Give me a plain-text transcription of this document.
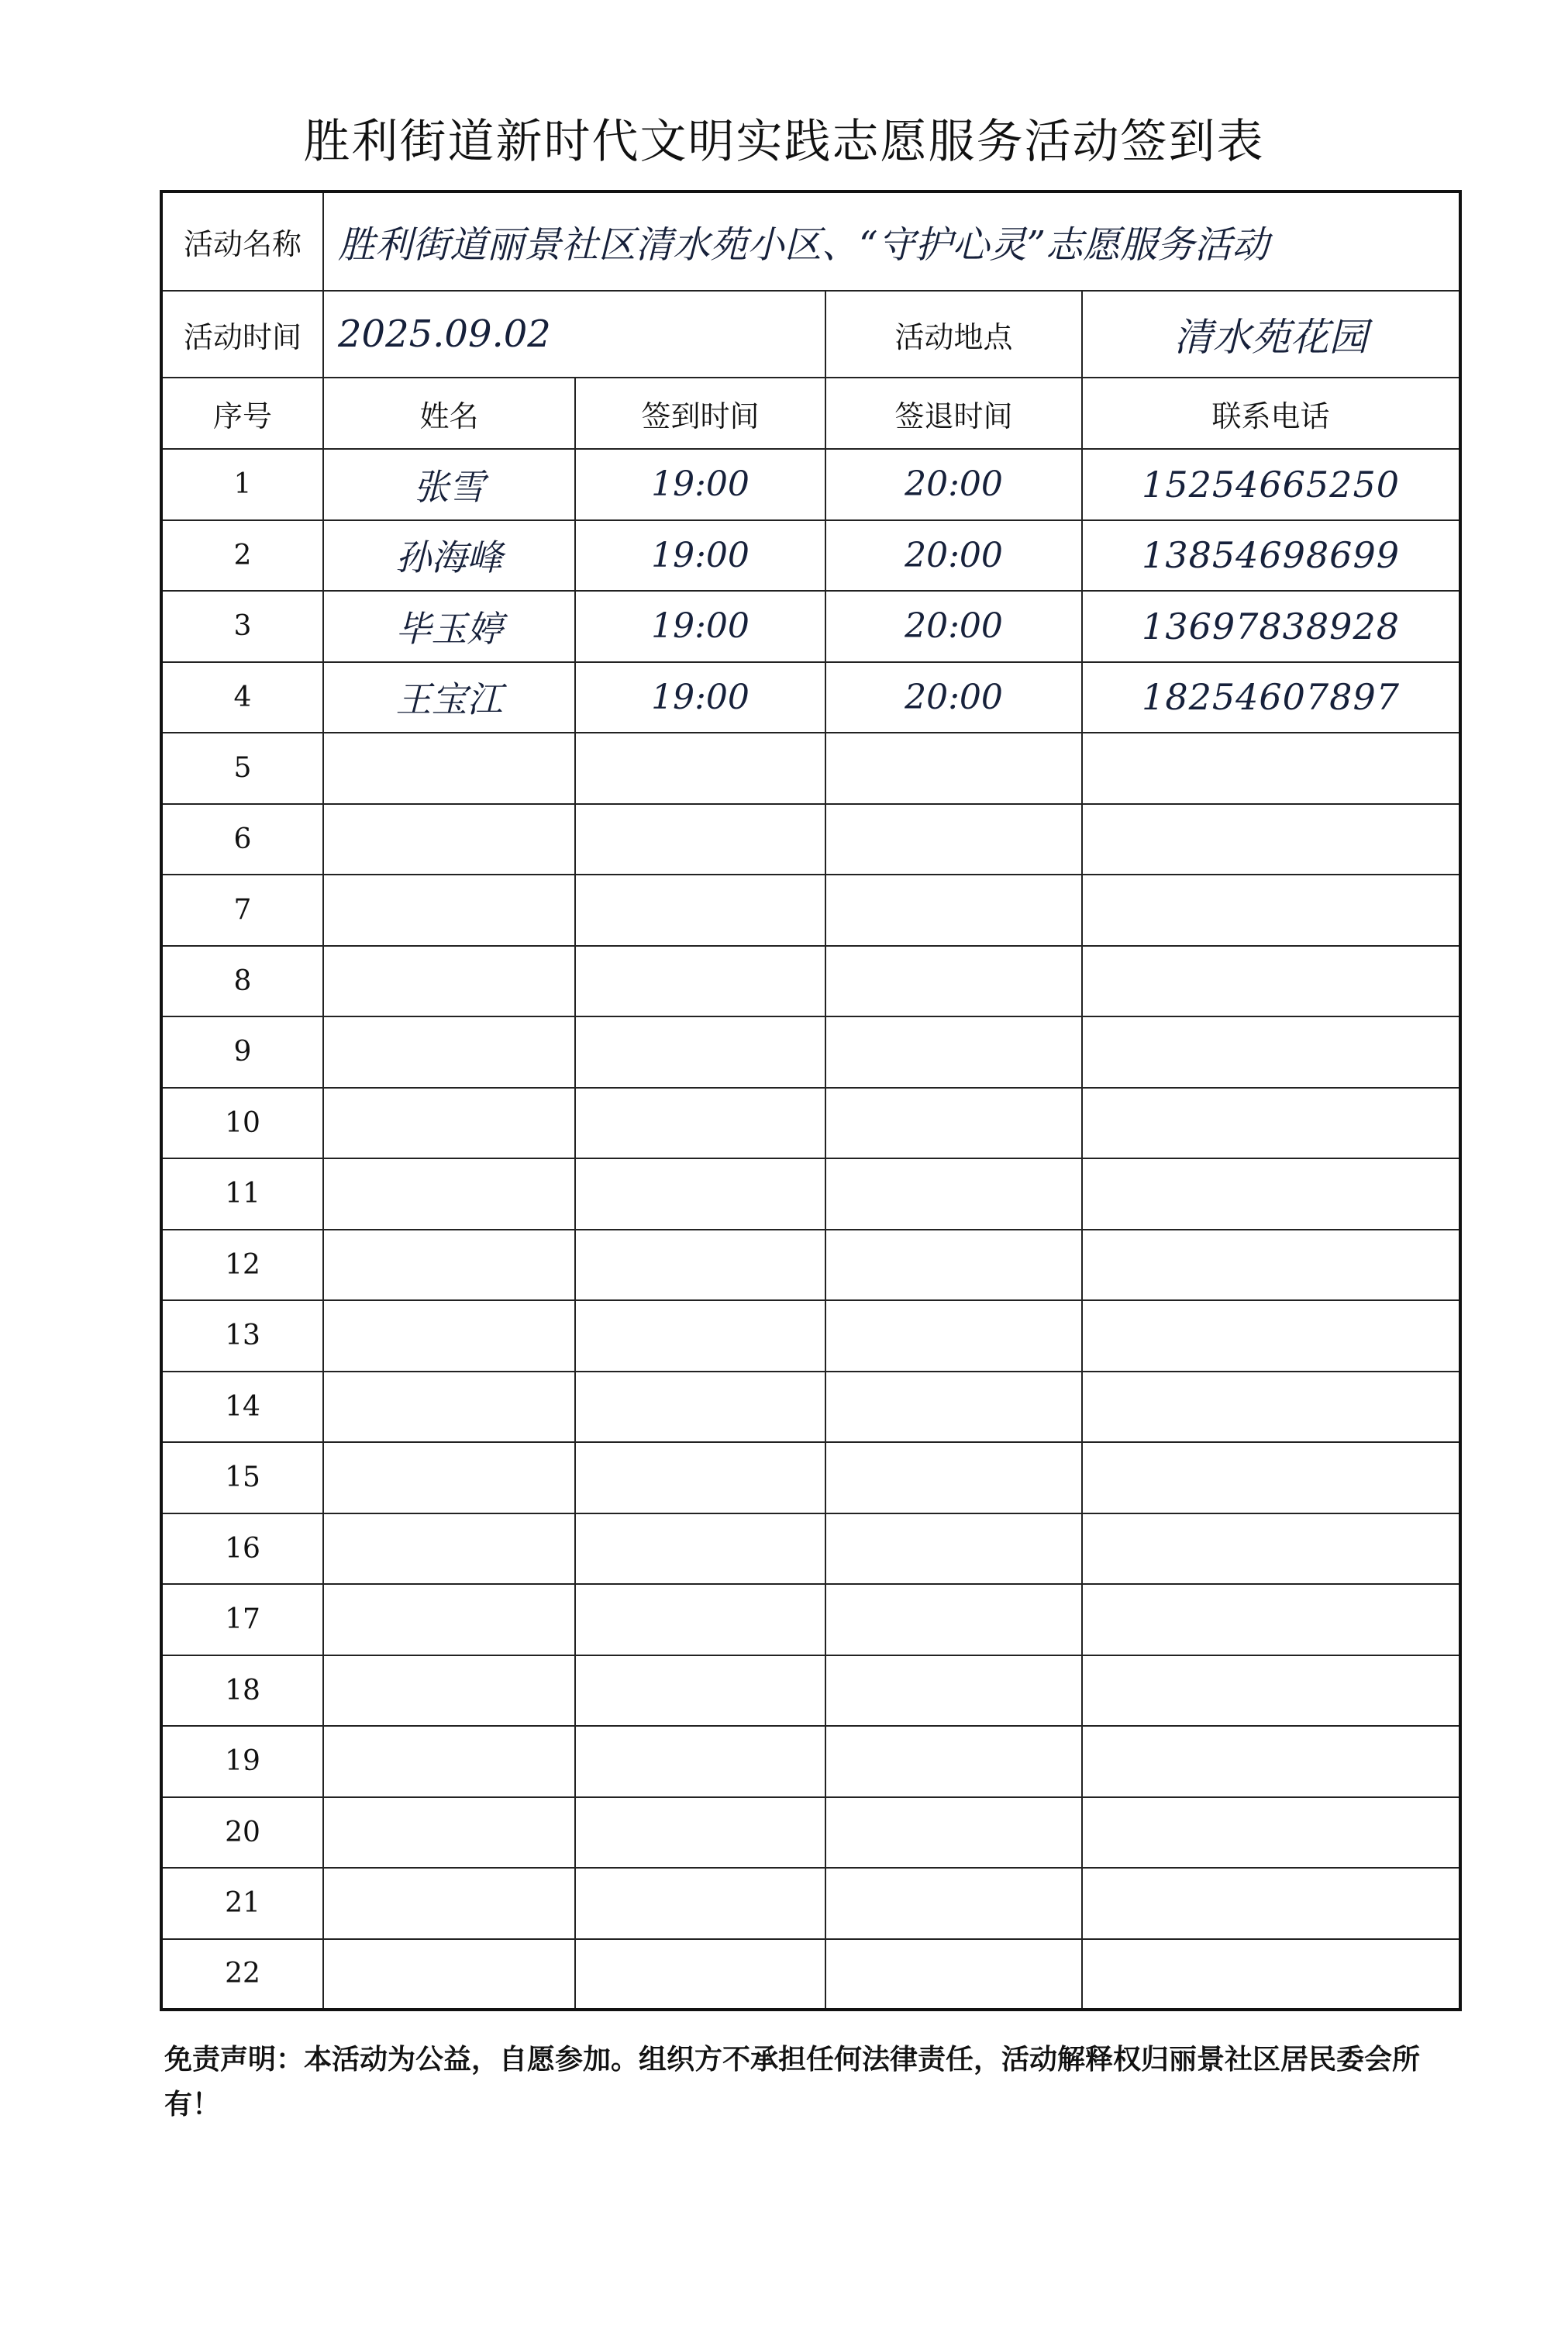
胜利街道新时代文明实践志愿服务活动签到表
活动名称	胜利街道丽景社区清水苑小区、“守护心灵”志愿服务活动			
活动时间	2025.09.02		活动地点	清水苑花园
序号	姓名	签到时间	签退时间	联系电话
1	张雪	19:00	20:00	15254665250
2	孙海峰	19:00	20:00	13854698699
3	毕玉婷	19:00	20:00	13697838928
4	王宝江	19:00	20:00	18254607897
5				
6				
7				
8				
9				
10				
11				
12				
13				
14				
15				
16				
17				
18				
19				
20				
21				
22				
免责声明：本活动为公益，自愿参加。组织方不承担任何法律责任，活动解释权归丽景社区居民委会所有！
